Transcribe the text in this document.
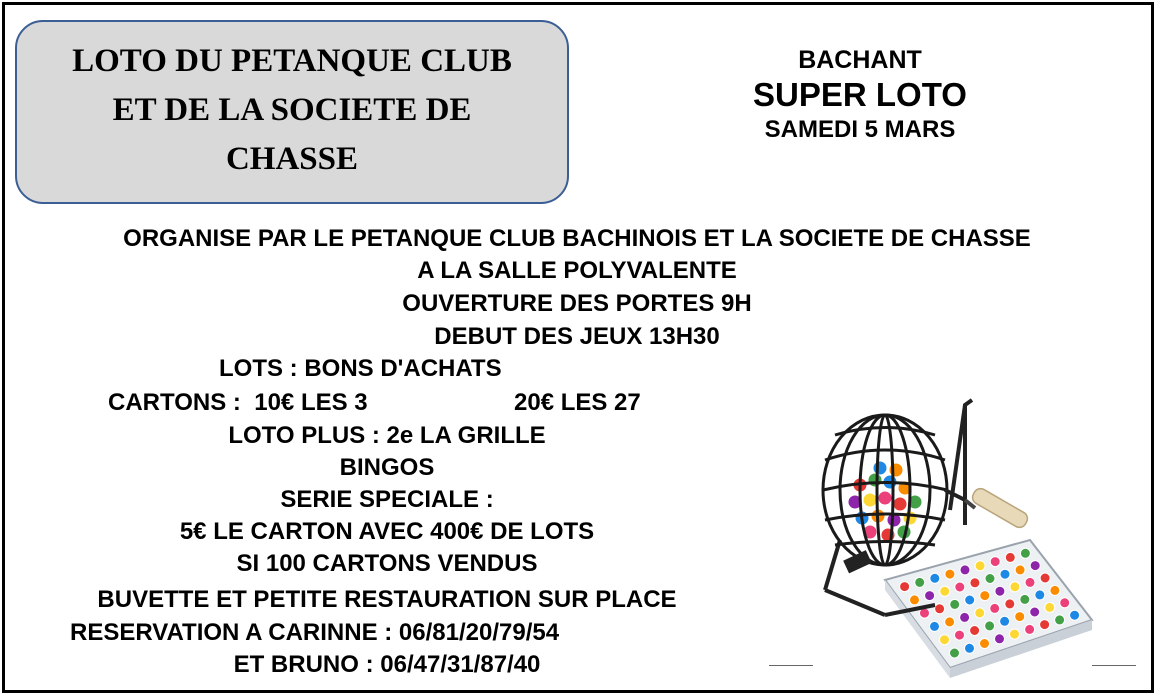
LOTO DU PETANQUE CLUB
ET DE LA SOCIETE DE
CHASSE
BACHANT
SUPER LOTO
SAMEDI 5 MARS
ORGANISE PAR LE PETANQUE CLUB BACHINOIS ET LA SOCIETE DE CHASSE
A LA SALLE POLYVALENTE
OUVERTURE DES PORTES 9H
DEBUT DES JEUX 13H30
LOTS : BONS D'ACHATS
CARTONS :  10€ LES 3	20€ LES 27
LOTO PLUS : 2e LA GRILLE
BINGOS
SERIE SPECIALE :
5€ LE CARTON AVEC 400€ DE LOTS
SI 100 CARTONS VENDUS
BUVETTE ET PETITE RESTAURATION SUR PLACE
RESERVATION A CARINNE : 06/81/20/79/54
ET BRUNO : 06/47/31/87/40
